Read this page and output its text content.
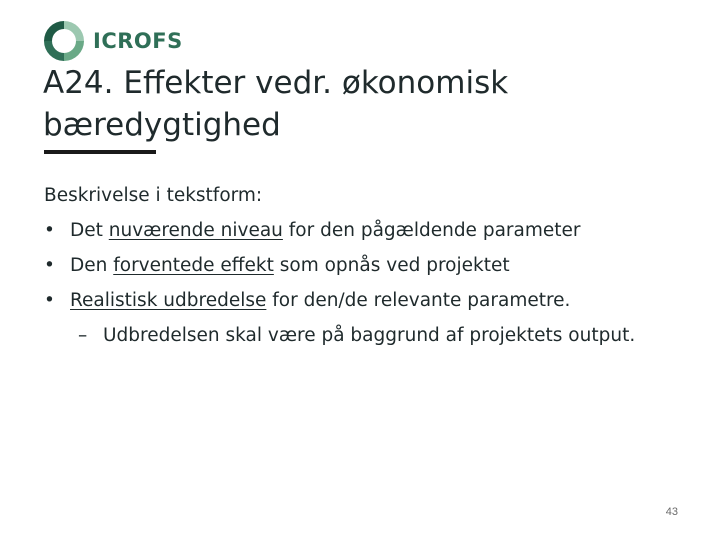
ICROFS
A24. Effekter vedr. økonomisk bæredygtighed

Beskrivelse i tekstform:

• Det nuværende niveau for den pågældende parameter
• Den forventede effekt som opnås ved projektet
• Realistisk udbredelse for den/de relevante parametre.
– Udbredelsen skal være på baggrund af projektets output.
43
